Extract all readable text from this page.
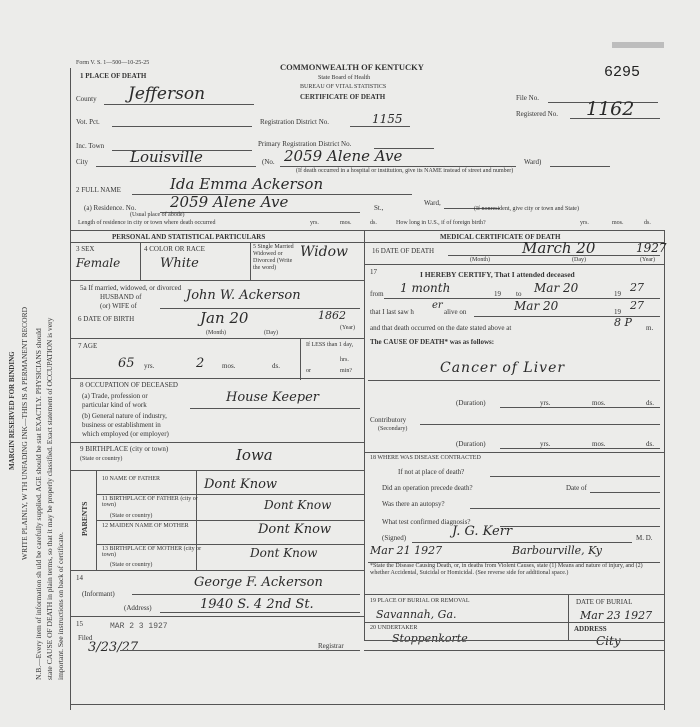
MARGIN RESERVED FOR BINDING WRITE PLAINLY, W TH UNFADING INK—THIS IS A PERMANENT RECORD N.B.—Every item of information sh uld be carefully supplied. AGE should be stat EXACTLY. PHYSICIANS should state CAUSE OF DEATH in plain terms, so that it may be properly classified. Exact statement of OCCUPATION is very important. See instructions on back of certificate.
Form V. S. 1—500—10-25-25	COMMONWEALTH OF KENTUCKY
State Board of Health
BUREAU OF VITAL STATISTICS
CERTIFICATE OF DEATH
6295
1 PLACE OF DEATH
County Jefferson
Vot. Pct.	Registration District No.	1155
File No.
Registered No. 1162
Inc. Town	Primary Registration District No.
City	Louisville	(No. 2059 Alene Ave	Ward)
(If death occurred in a hospital or institution, give its NAME instead of street and number)
2 FULL NAME	Ida Emma Ackerson
(a) Residence. No. 2059 Alene Ave	St.,
Ward,
(If nonresident, give city or town and State)
(Usual place of abode)
Length of residence in city or town where death occurred	yrs.	mos.	ds.	How long in U.S., if of foreign birth?	yrs.	mos.	ds.
PERSONAL AND STATISTICAL PARTICULARS
3 SEX
Female
4 COLOR OR RACE
White
5 Single Married Widowed or Divorced (Write the word)
Widow
5a If married, widowed, or divorced
HUSBAND of
(or) WIFE of
John W. Ackerson
6 DATE OF BIRTH	Jan 20	1862
(Month)	(Day)
(Year)
7 AGE
65 yrs.	2	mos.	ds.
If LESS than 1 day,
hrs.
or	min?
8 OCCUPATION OF DECEASED
(a) Trade, profession or
particular kind of work	House Keeper
(b) General nature of industry,
business or establishment in
which employed (or employer)
9 BIRTHPLACE (city or town)
(State or country)	Iowa
PARENTS
10 NAME OF FATHER	Dont Know
11 BIRTHPLACE OF FATHER (city or town)
(State or country)
Dont Know
12 MAIDEN NAME OF MOTHER	Dont Know
13 BIRTHPLACE OF MOTHER (city or town)
(State or country)
Dont Know
14
(Informant)
George F. Ackerson
(Address)	1940 S. 4 2nd St.
15	MAR 2 3 1927
Filed
3/23/27	Registrar
MEDICAL CERTIFICATE OF DEATH
16 DATE OF DEATH	March 20	1927
(Month)	(Day)	(Year)
17	I HEREBY CERTIFY, That I attended deceased
from 1 month	19 to Mar 20	19 27
that I last saw h
er
alive on	Mar 20	19 27
and that death occurred on the date stated above at	8 P m.
The CAUSE OF DEATH* was as follows:
Cancer of Liver
(Duration)	yrs.	mos.	ds.
Contributory
(Secondary)
(Duration)	yrs.	mos.	ds.
18 WHERE WAS DISEASE CONTRACTED
If not at place of death?
Did an operation precede death?	Date of
Was there an autopsy?
What test confirmed diagnosis?
(Signed)	J. G. Kerr	M. D.
Mar 21 1927	Barbourville, Ky
*State the Disease Causing Death, or, in deaths from Violent Causes, state (1) Means and nature of injury, and (2) whether Accidental, Suicidal or Homicidal. (See reverse side for additional space.)
19 PLACE OF BURIAL OR REMOVAL
Savannah, Ga.
DATE OF BURIAL
Mar 23 1927
20 UNDERTAKER
Stoppenkorte
ADDRESS
City
